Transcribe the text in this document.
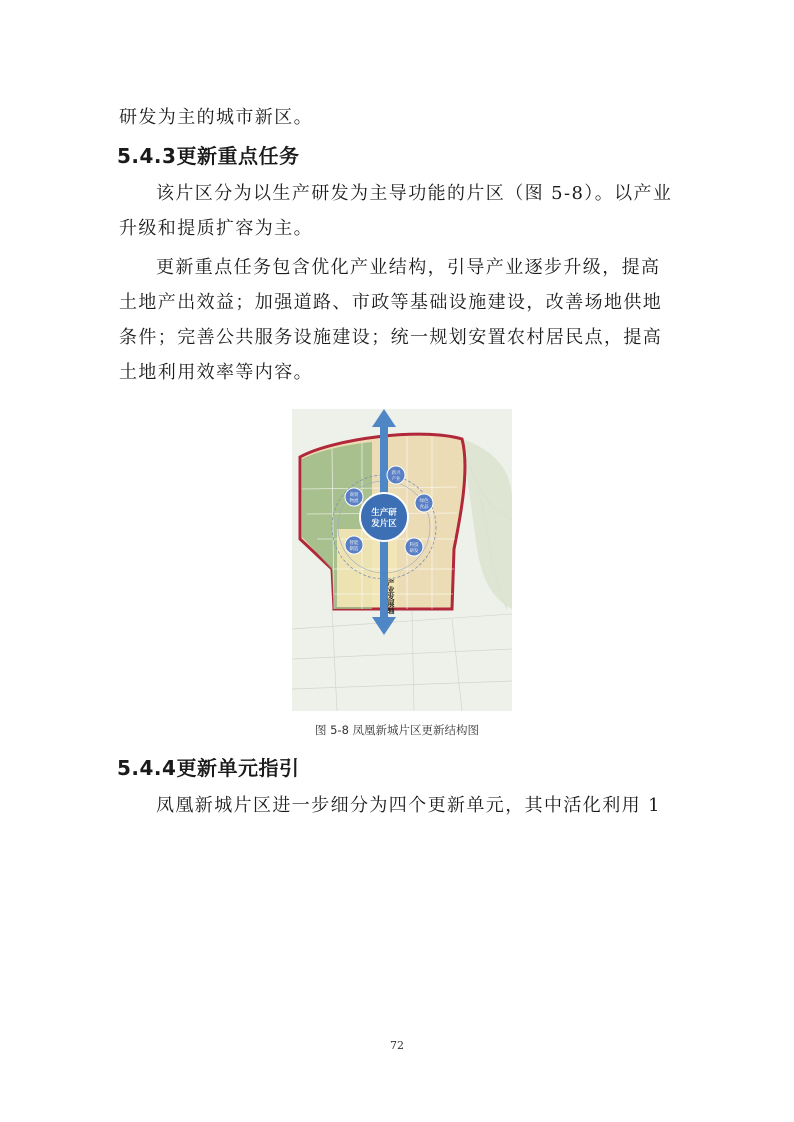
研发为主的城市新区。

5.4.3更新重点任务

该片区分为以生产研发为主导功能的片区（图 5-8）。以产业升级和提质扩容为主。

更新重点任务包含优化产业结构，引导产业逐步升级，提高土地产出效益；加强道路、市政等基础设施建设，改善场地供地条件；完善公共服务设施建设；统一规划安置农村居民点，提高土地利用效率等内容。

生产研
发片区
新兴
产业
商贸
物流	绿色
食品
智能
制造
科技
研发
产业发展轴

图 5-8 凤凰新城片区更新结构图

5.4.4更新单元指引

凤凰新城片区进一步细分为四个更新单元，其中活化利用 1

72
